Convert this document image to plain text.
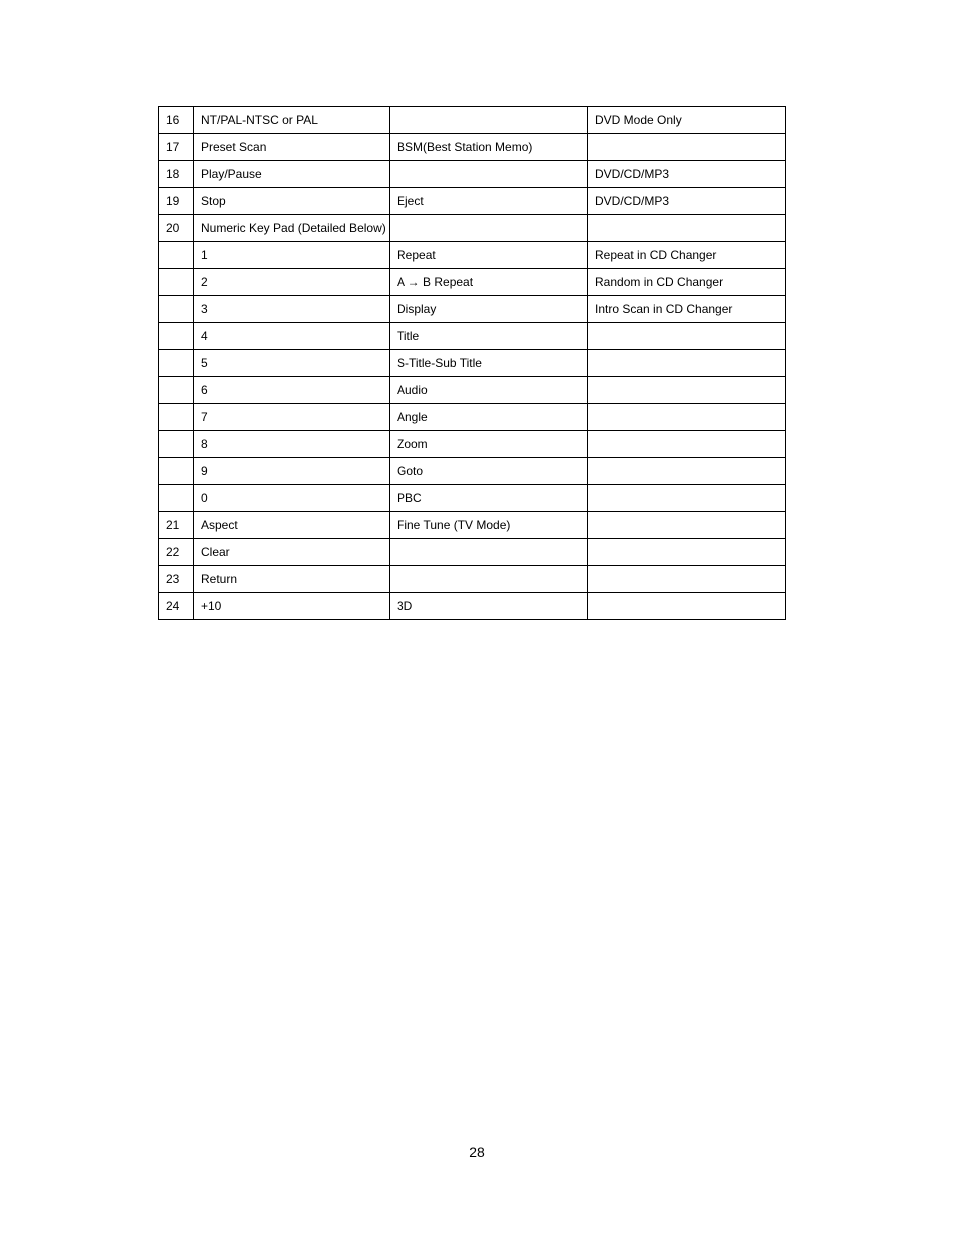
16	NT/PAL-NTSC or PAL		DVD Mode Only
17	Preset Scan	BSM(Best Station Memo)	
18	Play/Pause		DVD/CD/MP3
19	Stop	Eject	DVD/CD/MP3
20	Numeric Key Pad (Detailed Below)		
	1	Repeat	Repeat in CD Changer
	2	A → B Repeat	Random in CD Changer
	3	Display	Intro Scan in CD Changer
	4	Title	
	5	S-Title-Sub Title	
	6	Audio	
	7	Angle	
	8	Zoom	
	9	Goto	
	0	PBC	
21	Aspect	Fine Tune (TV Mode)	
22	Clear		
23	Return		
24	+10	3D	
28
